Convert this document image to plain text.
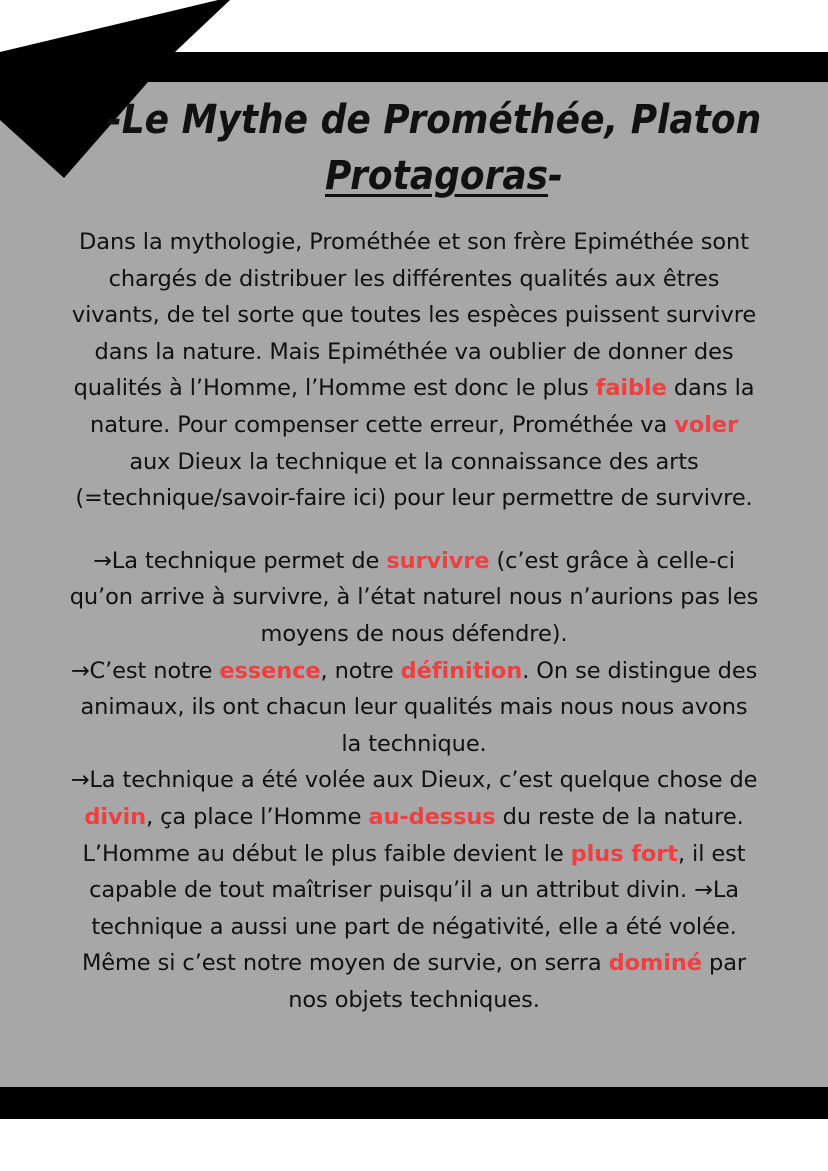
-Le Mythe de Prométhée, Platon
Protagoras-
Dans la mythologie, Prométhée et son frère Epiméthée sont
chargés de distribuer les différentes qualités aux êtres
vivants, de tel sorte que toutes les espèces puissent survivre
dans la nature. Mais Epiméthée va oublier de donner des
qualités à l’Homme, l’Homme est donc le plus faible dans la
nature. Pour compenser cette erreur, Prométhée va voler
aux Dieux la technique et la connaissance des arts
(=technique/savoir-faire ici) pour leur permettre de survivre.
→La technique permet de survivre (c’est grâce à celle-ci
qu’on arrive à survivre, à l’état naturel nous n’aurions pas les
moyens de nous défendre).
→C’est notre essence, notre définition. On se distingue des
animaux, ils ont chacun leur qualités mais nous nous avons
la technique.
→La technique a été volée aux Dieux, c’est quelque chose de
divin, ça place l’Homme au-dessus du reste de la nature.
L’Homme au début le plus faible devient le plus fort, il est
capable de tout maîtriser puisqu’il a un attribut divin. →La
technique a aussi une part de négativité, elle a été volée.
Même si c’est notre moyen de survie, on serra dominé par
nos objets techniques.
